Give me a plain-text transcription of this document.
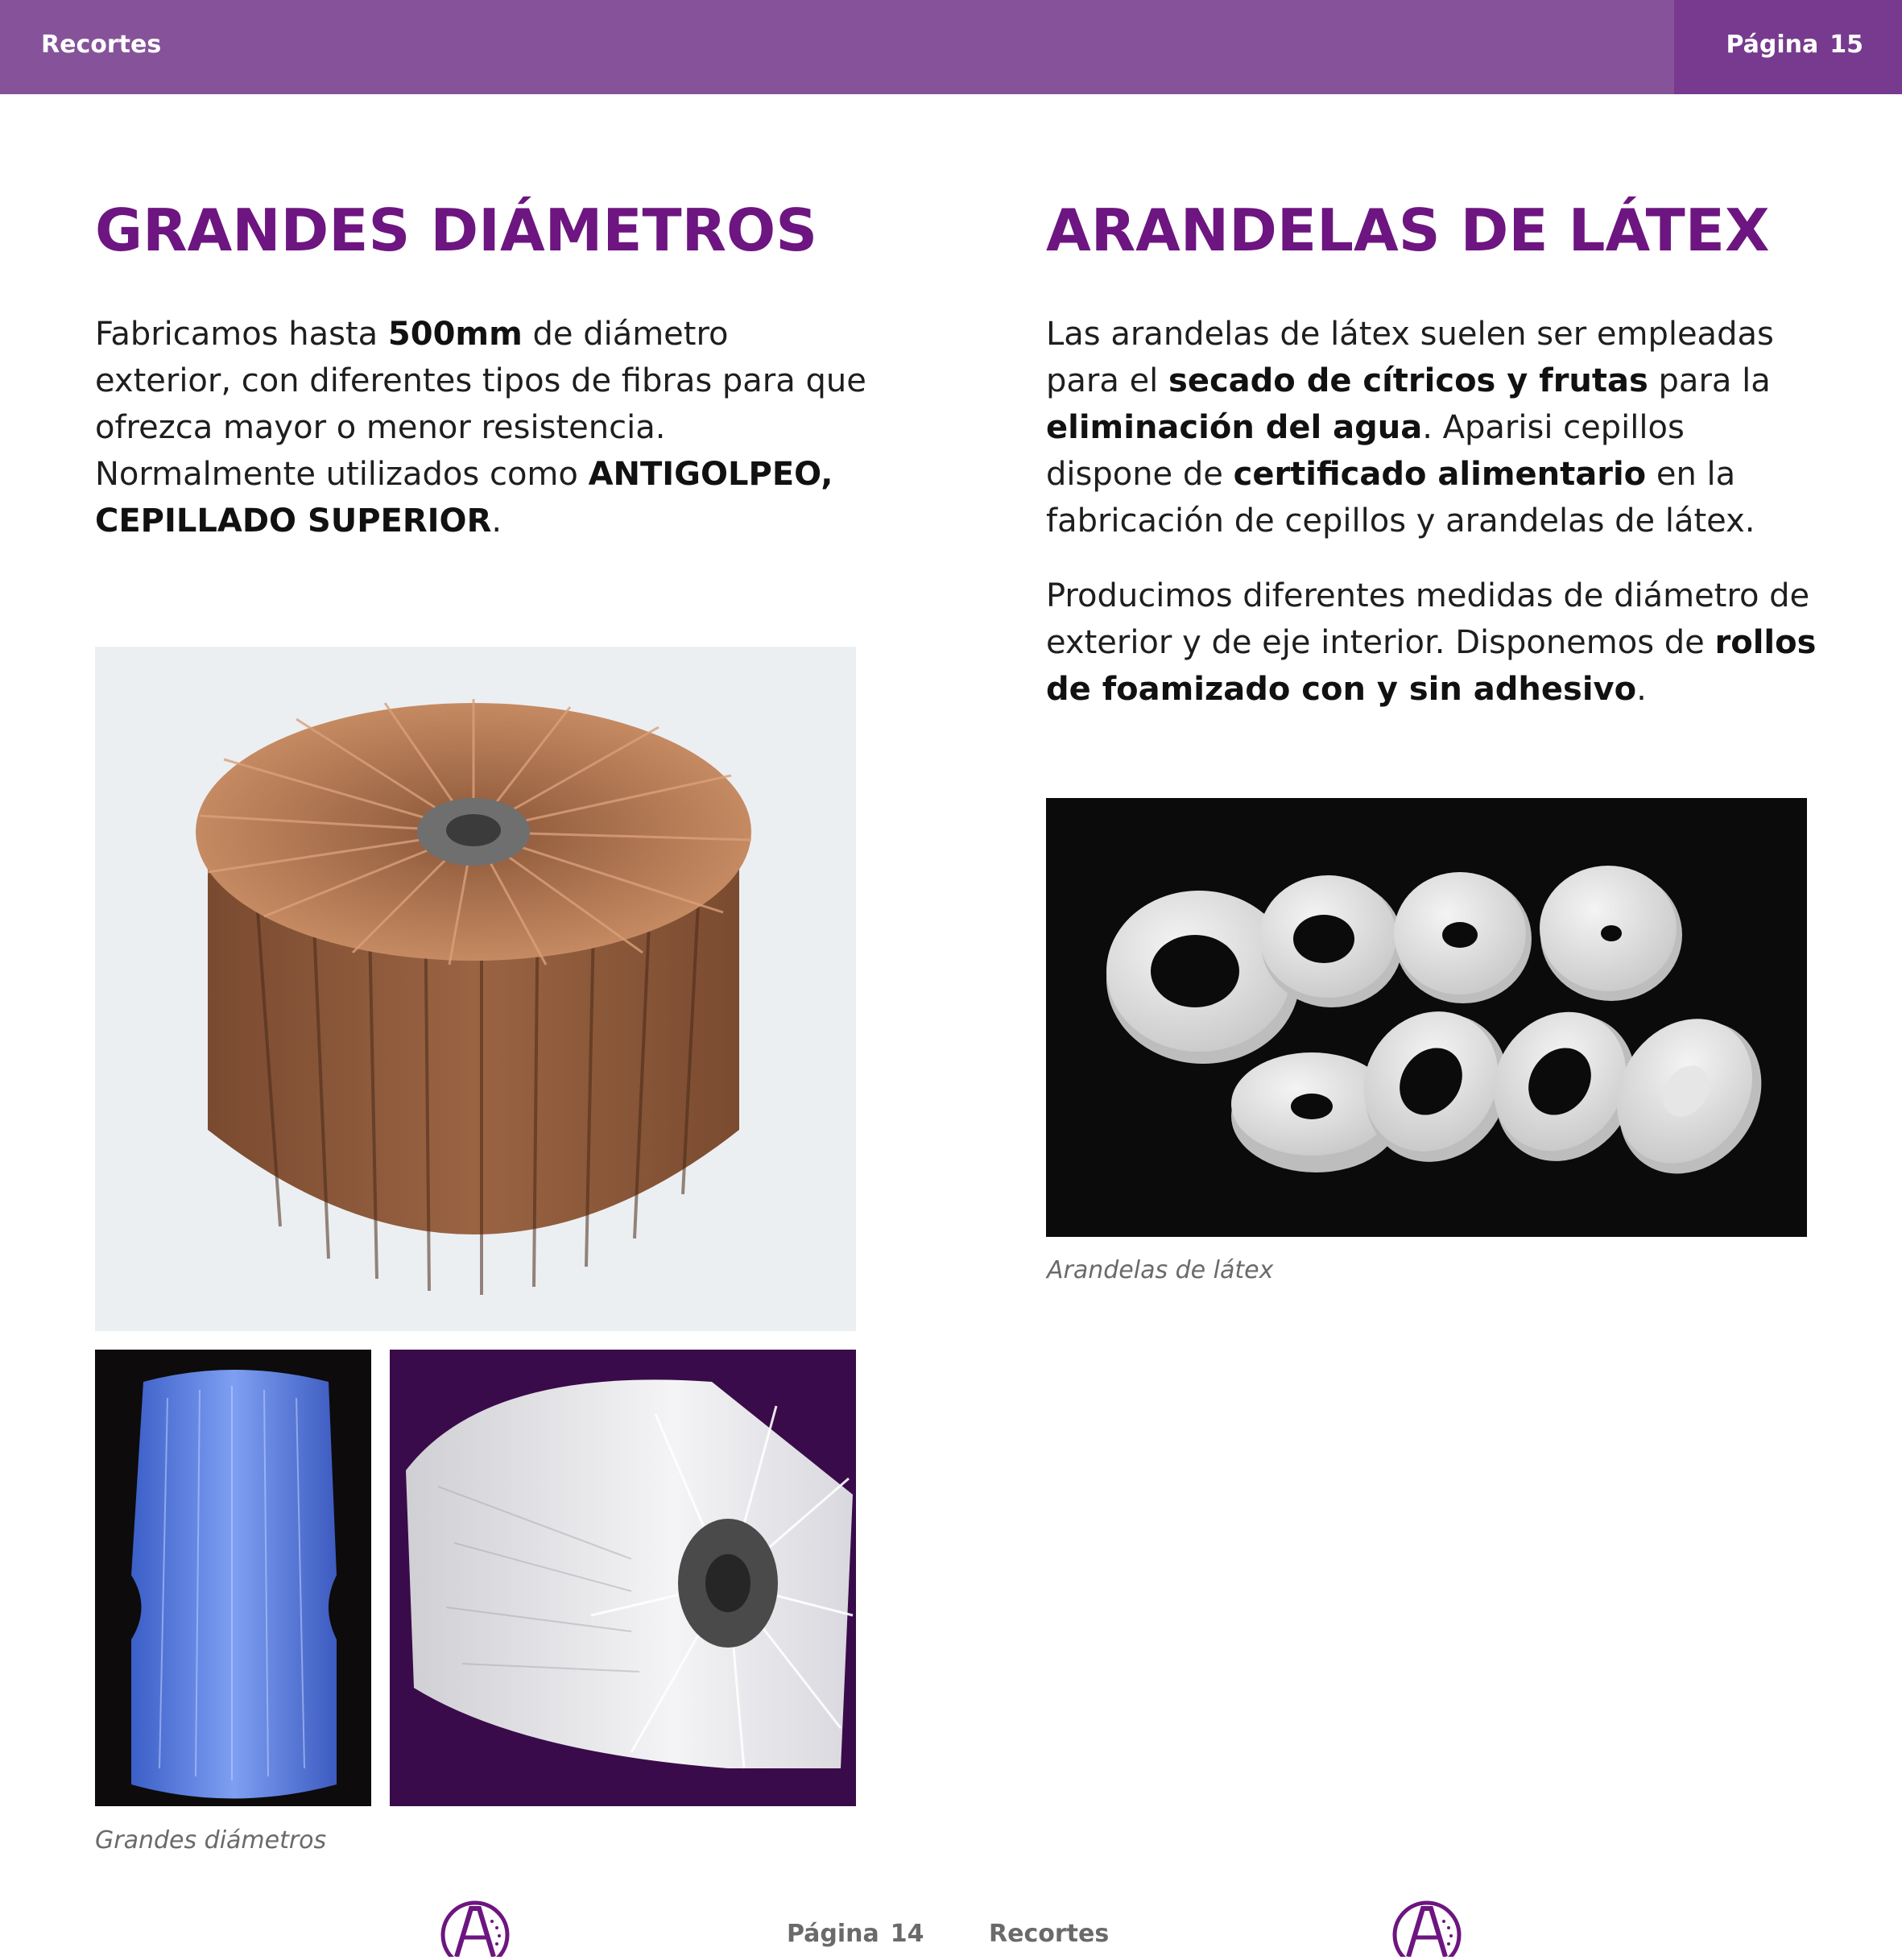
Recortes	Página 15
GRANDES DIÁMETROS

Fabricamos hasta 500mm de diámetro exterior, con diferentes tipos de fibras para que ofrezca mayor o menor resistencia. Normalmente utilizados como ANTIGOLPEO, CEPILLADO SUPERIOR.

Grandes diámetros

ARANDELAS DE LÁTEX

Las arandelas de látex suelen ser empleadas para el secado de cítricos y frutas para la eliminación del agua. Aparisi cepillos dispone de certificado alimentario en la fabricación de cepillos y arandelas de látex.

Producimos diferentes medidas de diámetro de exterior y de eje interior. Disponemos de rollos de foamizado con y sin adhesivo.

Arandelas de látex

Página 14	Recortes
